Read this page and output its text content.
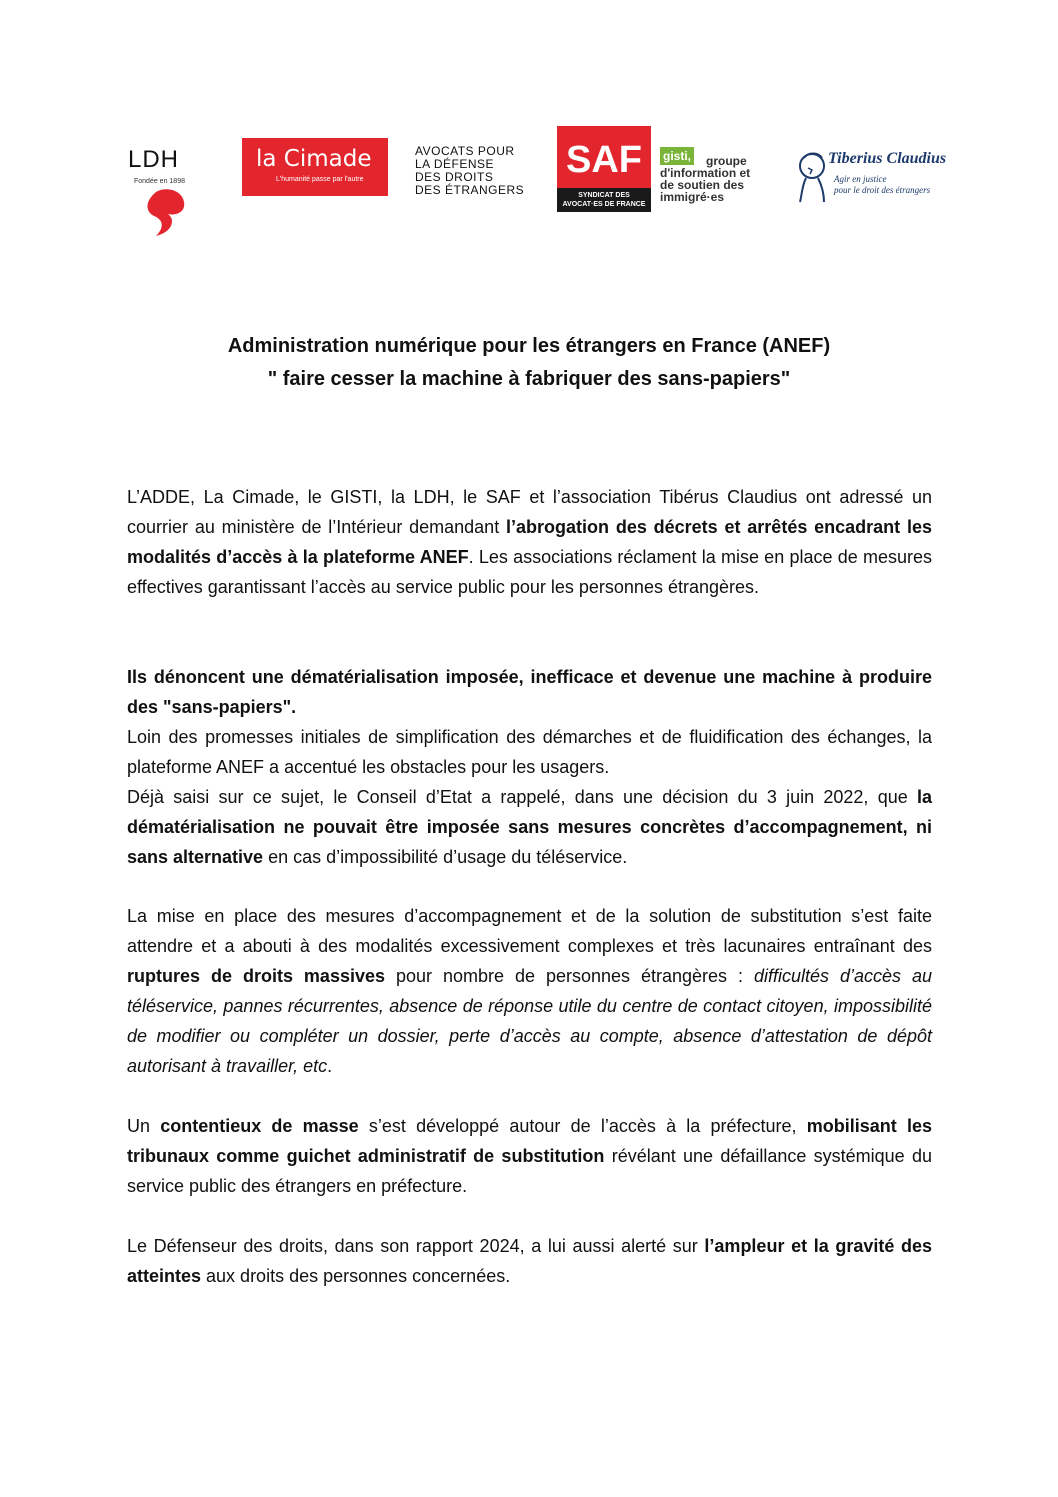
LDH
Fondée en 1898
la Cimade
L'humanité passe par l'autre
AVOCATS POUR
LA DÉFENSE
DES DROITS
DES ÉTRANGERS
SAF
SYNDICAT DES
AVOCAT·ES DE FRANCE
gisti, groupe
d'information et
de soutien des
immigré·es
Tiberius Claudius
Agir en justice
pour le droit des étrangers
Administration numérique pour les étrangers en France (ANEF)
" faire cesser la machine à fabriquer des sans-papiers"

L’ADDE, La Cimade, le GISTI, la LDH, le SAF et l’association Tibérus Claudius ont adressé un courrier au ministère de l’Intérieur demandant l’abrogation des décrets et arrêtés encadrant les modalités d’accès à la plateforme ANEF. Les associations réclament la mise en place de mesures effectives garantissant l’accès au service public pour les personnes étrangères.

Ils dénoncent une dématérialisation imposée, inefficace et devenue une machine à produire des "sans-papiers".

Loin des promesses initiales de simplification des démarches et de fluidification des échanges, la plateforme ANEF a accentué les obstacles pour les usagers.

Déjà saisi sur ce sujet, le Conseil d’Etat a rappelé, dans une décision du 3 juin 2022, que la dématérialisation ne pouvait être imposée sans mesures concrètes d’accompagnement, ni sans alternative en cas d’impossibilité d’usage du téléservice.

La mise en place des mesures d’accompagnement et de la solution de substitution s’est faite attendre et a abouti à des modalités excessivement complexes et très lacunaires entraînant des ruptures de droits massives pour nombre de personnes étrangères : difficultés d’accès au téléservice, pannes récurrentes, absence de réponse utile du centre de contact citoyen, impossibilité de modifier ou compléter un dossier, perte d’accès au compte, absence d’attestation de dépôt autorisant à travailler, etc.

Un contentieux de masse s’est développé autour de l’accès à la préfecture, mobilisant les tribunaux comme guichet administratif de substitution révélant une défaillance systémique du service public des étrangers en préfecture.

Le Défenseur des droits, dans son rapport 2024, a lui aussi alerté sur l’ampleur et la gravité des atteintes aux droits des personnes concernées.
